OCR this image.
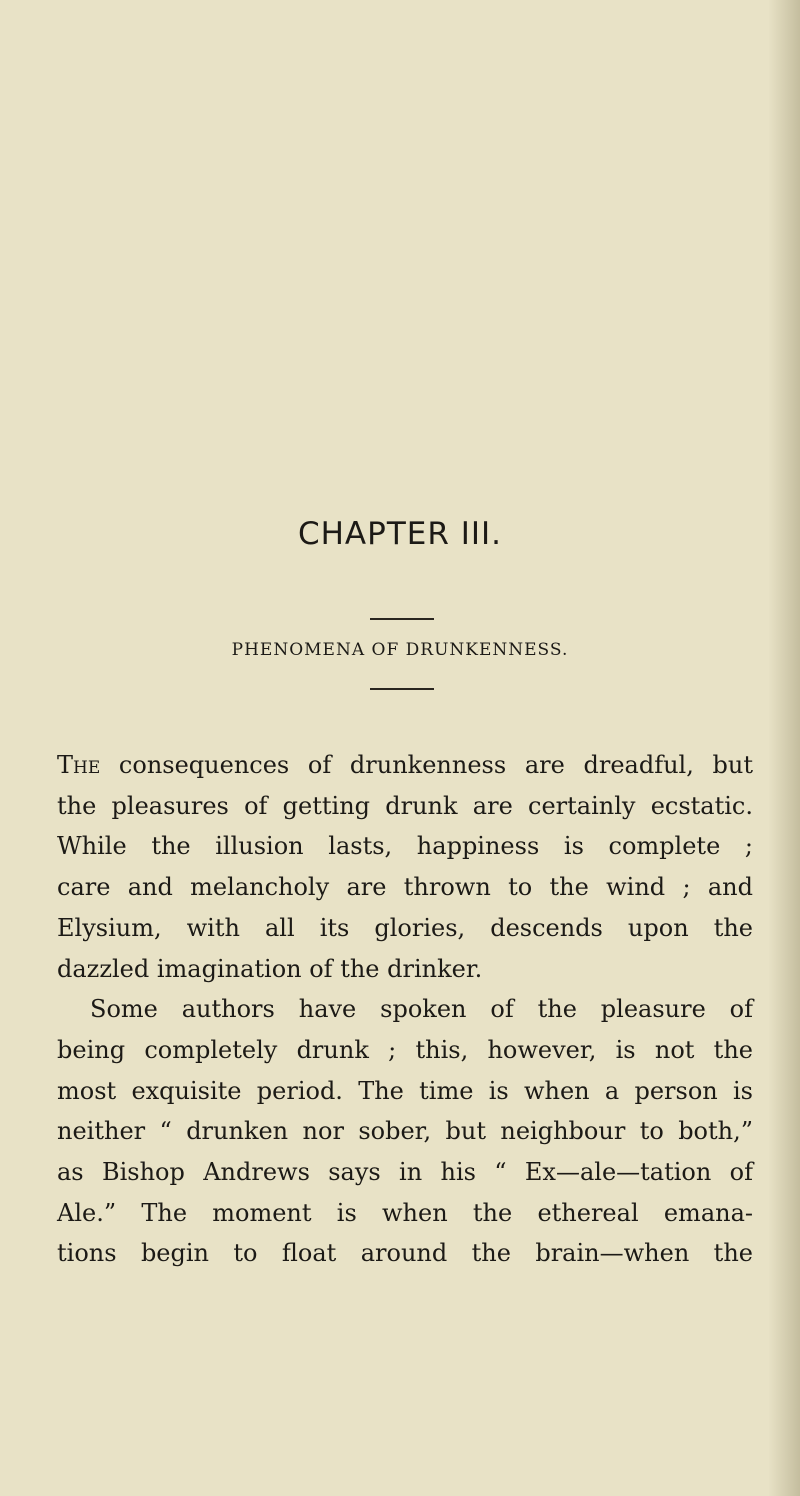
CHAPTER III.
PHENOMENA OF DRUNKENNESS.
The consequences of drunkenness are dreadful, but
the pleasures of getting drunk are certainly ecstatic.
While the illusion lasts, happiness is complete ;
care and melancholy are thrown to the wind ; and
Elysium, with all its glories, descends upon the
dazzled imagination of the drinker.
Some authors have spoken of the pleasure of
being completely drunk ; this, however, is not the
most exquisite period. The time is when a person is
neither “ drunken nor sober, but neighbour to both,”
as Bishop Andrews says in his “ Ex—ale—tation of
Ale.” The moment is when the ethereal emana-
tions begin to float around the brain—when the
